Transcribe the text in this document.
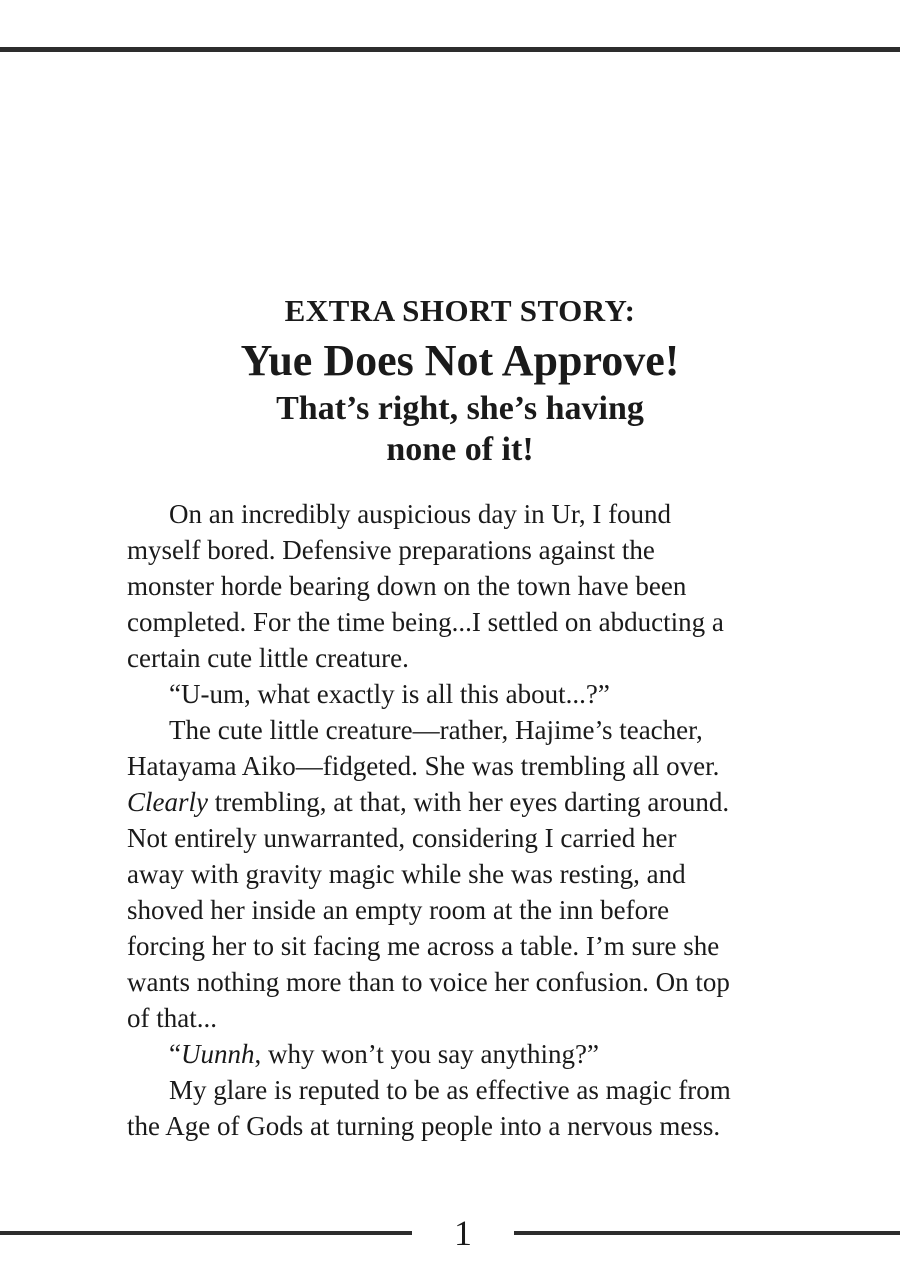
EXTRA SHORT STORY:
Yue Does Not Approve!
That’s right, she’s having
none of it!
On an incredibly auspicious day in Ur, I found
myself bored. Defensive preparations against the
monster horde bearing down on the town have been
completed. For the time being...I settled on abducting a
certain cute little creature.
“U-um, what exactly is all this about...?”
The cute little creature—rather, Hajime’s teacher,
Hatayama Aiko—fidgeted. She was trembling all over.
Clearly trembling, at that, with her eyes darting around.
Not entirely unwarranted, considering I carried her
away with gravity magic while she was resting, and
shoved her inside an empty room at the inn before
forcing her to sit facing me across a table. I’m sure she
wants nothing more than to voice her confusion. On top
of that...
“Uunnh, why won’t you say anything?”
My glare is reputed to be as effective as magic from
the Age of Gods at turning people into a nervous mess.
1
